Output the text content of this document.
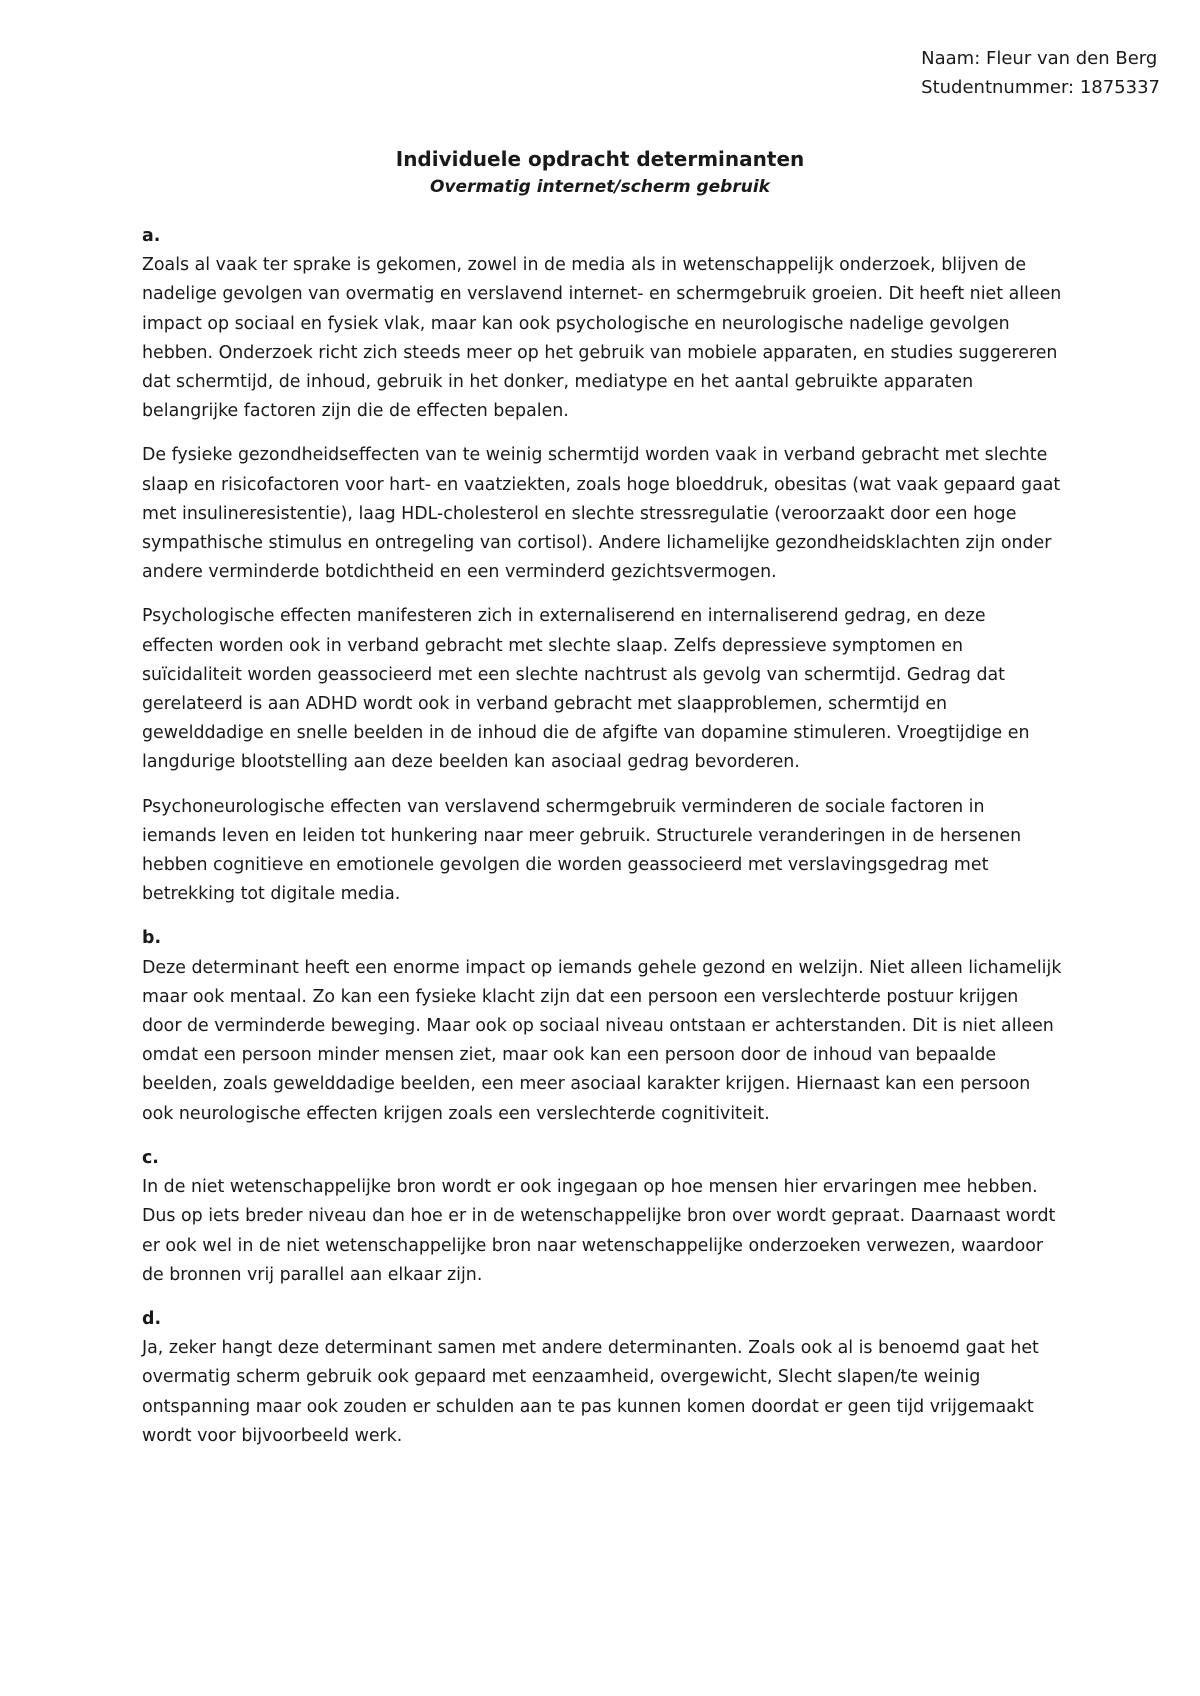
Naam: Fleur van den Berg
Studentnummer: 1875337

Individuele opdracht determinanten

Overmatig internet/scherm gebruik

a.

Zoals al vaak ter sprake is gekomen, zowel in de media als in wetenschappelijk onderzoek, blijven de nadelige gevolgen van overmatig en verslavend internet- en schermgebruik groeien. Dit heeft niet alleen impact op sociaal en fysiek vlak, maar kan ook psychologische en neurologische nadelige gevolgen hebben. Onderzoek richt zich steeds meer op het gebruik van mobiele apparaten, en studies suggereren dat schermtijd, de inhoud, gebruik in het donker, mediatype en het aantal gebruikte apparaten belangrijke factoren zijn die de effecten bepalen.

De fysieke gezondheidseffecten van te weinig schermtijd worden vaak in verband gebracht met slechte slaap en risicofactoren voor hart- en vaatziekten, zoals hoge bloeddruk, obesitas (wat vaak gepaard gaat met insulineresistentie), laag HDL-cholesterol en slechte stressregulatie (veroorzaakt door een hoge sympathische stimulus en ontregeling van cortisol). Andere lichamelijke gezondheidsklachten zijn onder andere verminderde botdichtheid en een verminderd gezichtsvermogen.

Psychologische effecten manifesteren zich in externaliserend en internaliserend gedrag, en deze effecten worden ook in verband gebracht met slechte slaap. Zelfs depressieve symptomen en suïcidaliteit worden geassocieerd met een slechte nachtrust als gevolg van schermtijd. Gedrag dat gerelateerd is aan ADHD wordt ook in verband gebracht met slaapproblemen, schermtijd en gewelddadige en snelle beelden in de inhoud die de afgifte van dopamine stimuleren. Vroegtijdige en langdurige blootstelling aan deze beelden kan asociaal gedrag bevorderen.

Psychoneurologische effecten van verslavend schermgebruik verminderen de sociale factoren in iemands leven en leiden tot hunkering naar meer gebruik. Structurele veranderingen in de hersenen hebben cognitieve en emotionele gevolgen die worden geassocieerd met verslavingsgedrag met betrekking tot digitale media.

b.

Deze determinant heeft een enorme impact op iemands gehele gezond en welzijn. Niet alleen lichamelijk maar ook mentaal. Zo kan een fysieke klacht zijn dat een persoon een verslechterde postuur krijgen door de verminderde beweging. Maar ook op sociaal niveau ontstaan er achterstanden. Dit is niet alleen omdat een persoon minder mensen ziet, maar ook kan een persoon door de inhoud van bepaalde beelden, zoals gewelddadige beelden, een meer asociaal karakter krijgen. Hiernaast kan een persoon ook neurologische effecten krijgen zoals een verslechterde cognitiviteit.

c.

In de niet wetenschappelijke bron wordt er ook ingegaan op hoe mensen hier ervaringen mee hebben. Dus op iets breder niveau dan hoe er in de wetenschappelijke bron over wordt gepraat. Daarnaast wordt er ook wel in de niet wetenschappelijke bron naar wetenschappelijke onderzoeken verwezen, waardoor de bronnen vrij parallel aan elkaar zijn.

d.

Ja, zeker hangt deze determinant samen met andere determinanten. Zoals ook al is benoemd gaat het overmatig scherm gebruik ook gepaard met eenzaamheid, overgewicht, Slecht slapen/te weinig ontspanning maar ook zouden er schulden aan te pas kunnen komen doordat er geen tijd vrijgemaakt wordt voor bijvoorbeeld werk.
